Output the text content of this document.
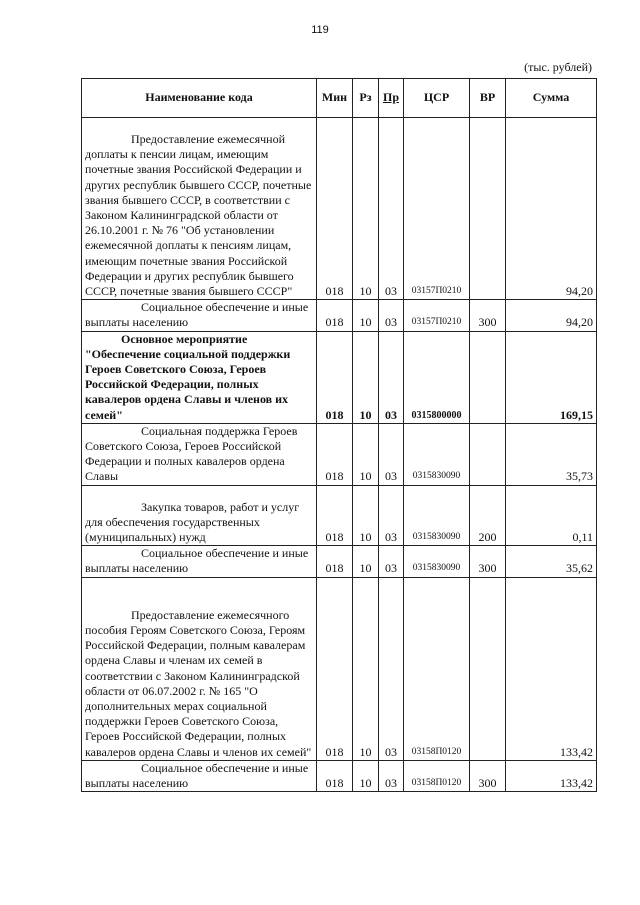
119
(тыс. рублей)
Наименование кода	Мин	Рз	Пр	ЦСР	ВР	Сумма
Предоставление ежемесячной доплаты к пенсии лицам, имеющим почетные звания Российской Федерации и других республик бывшего СССР, почетные звания бывшего СССР, в соответствии с Законом Калининградской области от 26.10.2001 г. № 76 "Об установлении ежемесячной доплаты к пенсиям лицам, имеющим почетные звания Российской Федерации и других республик бывшего СССР, почетные звания бывшего СССР"	018	10	03	03157П0210		94,20
Социальное обеспечение и иные выплаты населению	018	10	03	03157П0210	300	94,20
Основное мероприятие "Обеспечение социальной поддержки Героев Советского Союза, Героев Российской Федерации, полных кавалеров ордена Славы и членов их семей"	018	10	03	0315800000		169,15
Социальная поддержка Героев Советского Союза, Героев Российской Федерации и полных кавалеров ордена Славы	018	10	03	0315830090		35,73
Закупка товаров, работ и услуг для обеспечения государственных (муниципальных) нужд	018	10	03	0315830090	200	0,11
Социальное обеспечение и иные выплаты населению	018	10	03	0315830090	300	35,62
Предоставление ежемесячного пособия Героям Советского Союза, Героям Российской Федерации, полным кавалерам ордена Славы и членам их семей в соответствии с Законом Калининградской области от 06.07.2002 г. № 165 "О дополнительных мерах социальной поддержки Героев Советского Союза, Героев Российской Федерации, полных кавалеров ордена Славы и членов их семей"	018	10	03	03158П0120		133,42
Социальное обеспечение и иные выплаты населению	018	10	03	03158П0120	300	133,42
